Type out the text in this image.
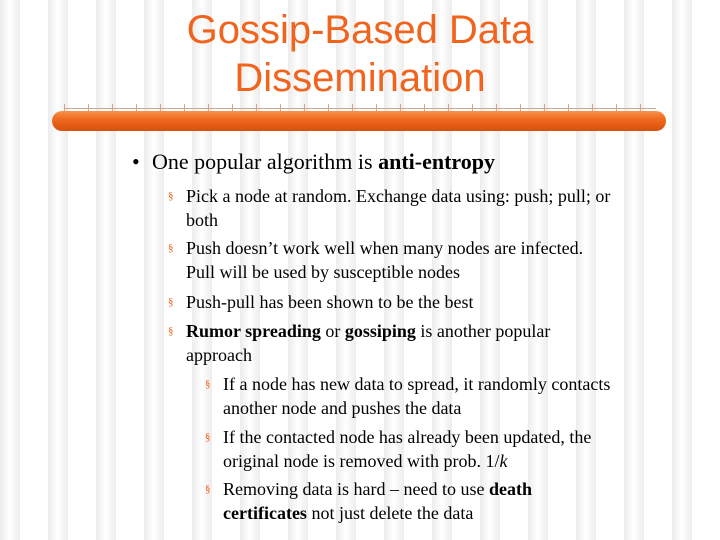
Gossip-Based Data
Dissemination
• One popular algorithm is anti-entropy
§ Pick a node at random. Exchange data using: push; pull; or
both
§ Push doesn’t work well when many nodes are infected.
Pull will be used by susceptible nodes
§ Push-pull has been shown to be the best
§ Rumor spreading or gossiping is another popular
approach
§ If a node has new data to spread, it randomly contacts
another node and pushes the data
§ If the contacted node has already been updated, the
original node is removed with prob. 1/k
§ Removing data is hard – need to use death
certificates not just delete the data
